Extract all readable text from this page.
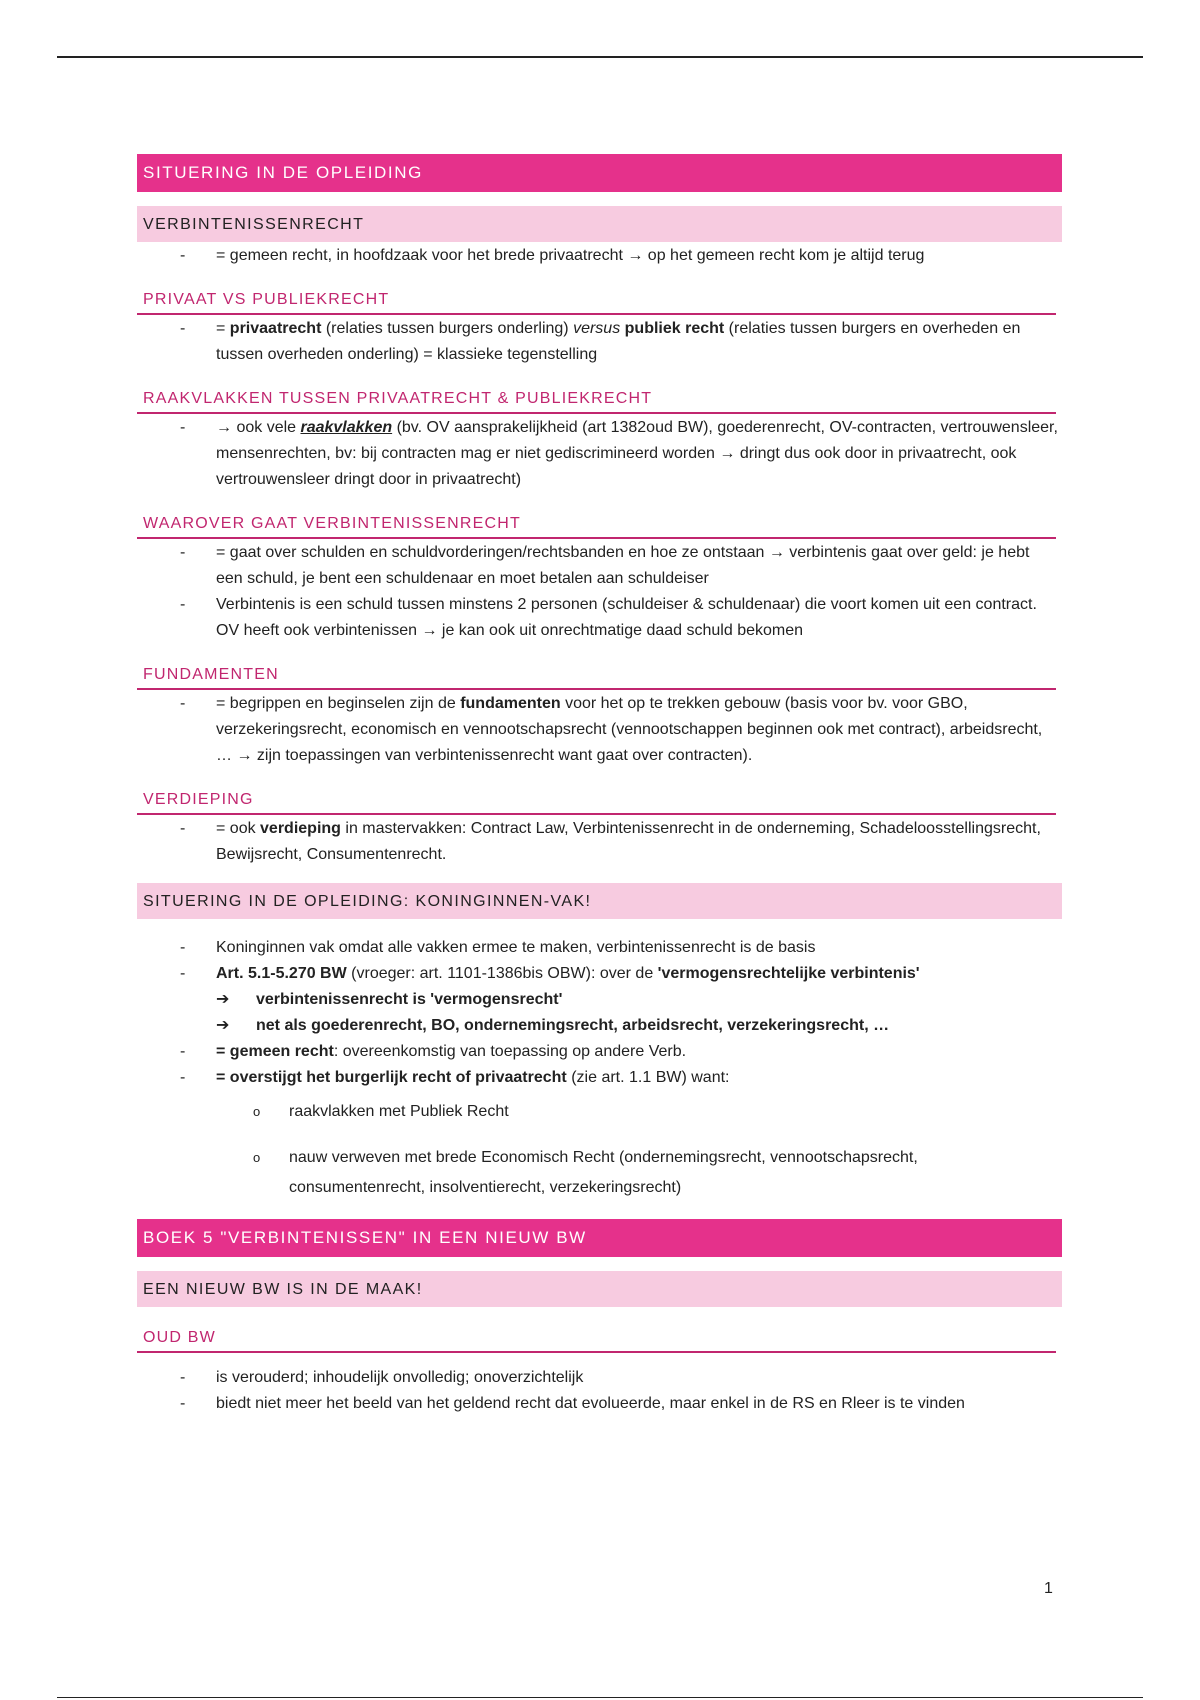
SITUERING IN DE OPLEIDING
VERBINTENISSENRECHT
- = gemeen recht, in hoofdzaak voor het brede privaatrecht → op het gemeen recht kom je altijd terug
PRIVAAT VS PUBLIEKRECHT
- = privaatrecht (relaties tussen burgers onderling) versus publiek recht (relaties tussen burgers en overheden en tussen overheden onderling) = klassieke tegenstelling
RAAKVLAKKEN TUSSEN PRIVAATRECHT & PUBLIEKRECHT
- → ook vele raakvlakken (bv. OV aansprakelijkheid (art 1382oud BW), goederenrecht, OV-contracten, vertrouwensleer, mensenrechten, bv: bij contracten mag er niet gediscrimineerd worden → dringt dus ook door in privaatrecht, ook vertrouwensleer dringt door in privaatrecht)
WAAROVER GAAT VERBINTENISSENRECHT
- = gaat over schulden en schuldvorderingen/rechtsbanden en hoe ze ontstaan → verbintenis gaat over geld: je hebt een schuld, je bent een schuldenaar en moet betalen aan schuldeiser
- Verbintenis is een schuld tussen minstens 2 personen (schuldeiser & schuldenaar) die voort komen uit een contract. OV heeft ook verbintenissen → je kan ook uit onrechtmatige daad schuld bekomen
FUNDAMENTEN
- = begrippen en beginselen zijn de fundamenten voor het op te trekken gebouw (basis voor bv. voor GBO, verzekeringsrecht, economisch en vennootschapsrecht (vennootschappen beginnen ook met contract), arbeidsrecht, … → zijn toepassingen van verbintenissenrecht want gaat over contracten).
VERDIEPING
- = ook verdieping in mastervakken: Contract Law, Verbintenissenrecht in de onderneming, Schadeloosstellingsrecht, Bewijsrecht, Consumentenrecht.
SITUERING IN DE OPLEIDING: KONINGINNEN-VAK!
- Koninginnen vak omdat alle vakken ermee te maken, verbintenissenrecht is de basis
- Art. 5.1-5.270 BW (vroeger: art. 1101-1386bis OBW): over de 'vermogensrechtelijke verbintenis'
➔ verbintenissenrecht is 'vermogensrecht'
➔ net als goederenrecht, BO, ondernemingsrecht, arbeidsrecht, verzekeringsrecht, …
- = gemeen recht: overeenkomstig van toepassing op andere Verb.
- = overstijgt het burgerlijk recht of privaatrecht (zie art. 1.1 BW) want:
o raakvlakken met Publiek Recht
o nauw verweven met brede Economisch Recht (ondernemingsrecht, vennootschapsrecht, consumentenrecht, insolventierecht, verzekeringsrecht)
BOEK 5 "VERBINTENISSEN" IN EEN NIEUW BW
EEN NIEUW BW IS IN DE MAAK!
OUD BW
- is verouderd; inhoudelijk onvolledig; onoverzichtelijk
- biedt niet meer het beeld van het geldend recht dat evolueerde, maar enkel in de RS en Rleer is te vinden
1
